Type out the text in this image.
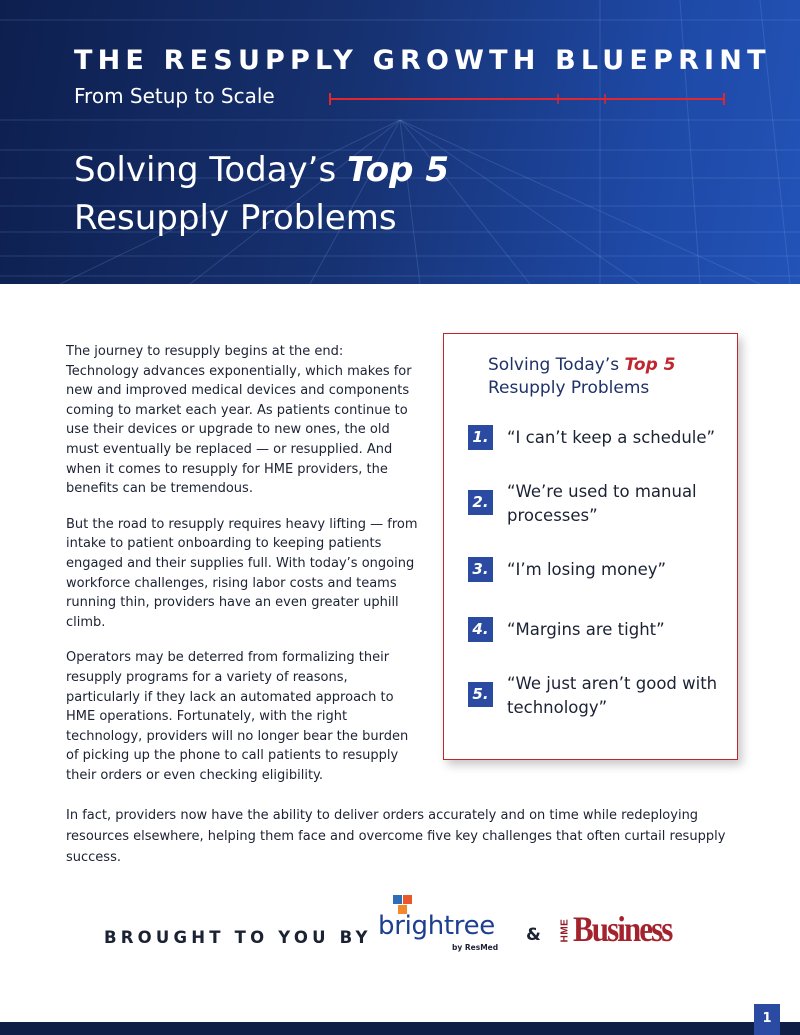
THE RESUPPLY GROWTH BLUEPRINT
From Setup to Scale
Solving Today’s Top 5
Resupply Problems

The journey to resupply begins at the end: Technology advances exponentially, which makes for new and improved medical devices and components coming to market each year. As patients continue to use their devices or upgrade to new ones, the old must eventually be replaced — or resupplied. And when it comes to resupply for HME providers, the benefits can be tremendous.

But the road to resupply requires heavy lifting — from intake to patient onboarding to keeping patients engaged and their supplies full. With today’s ongoing workforce challenges, rising labor costs and teams running thin, providers have an even greater uphill climb.

Operators may be deterred from formalizing their resupply programs for a variety of reasons, particularly if they lack an automated approach to HME operations. Fortunately, with the right technology, providers will no longer bear the burden of picking up the phone to call patients to resupply their orders or even checking eligibility.

Solving Today’s Top 5
Resupply Problems
1. “I can’t keep a schedule”
2.
“We’re used to manual processes”
3. “I’m losing money”
4. “Margins are tight”
5.
“We just aren’t good with technology”

In fact, providers now have the ability to deliver orders accurately and on time while redeploying resources elsewhere, helping them face and overcome five key challenges that often curtail resupply success.

BROUGHT TO YOU BY brightree
by ResMed
& HME Business
1
